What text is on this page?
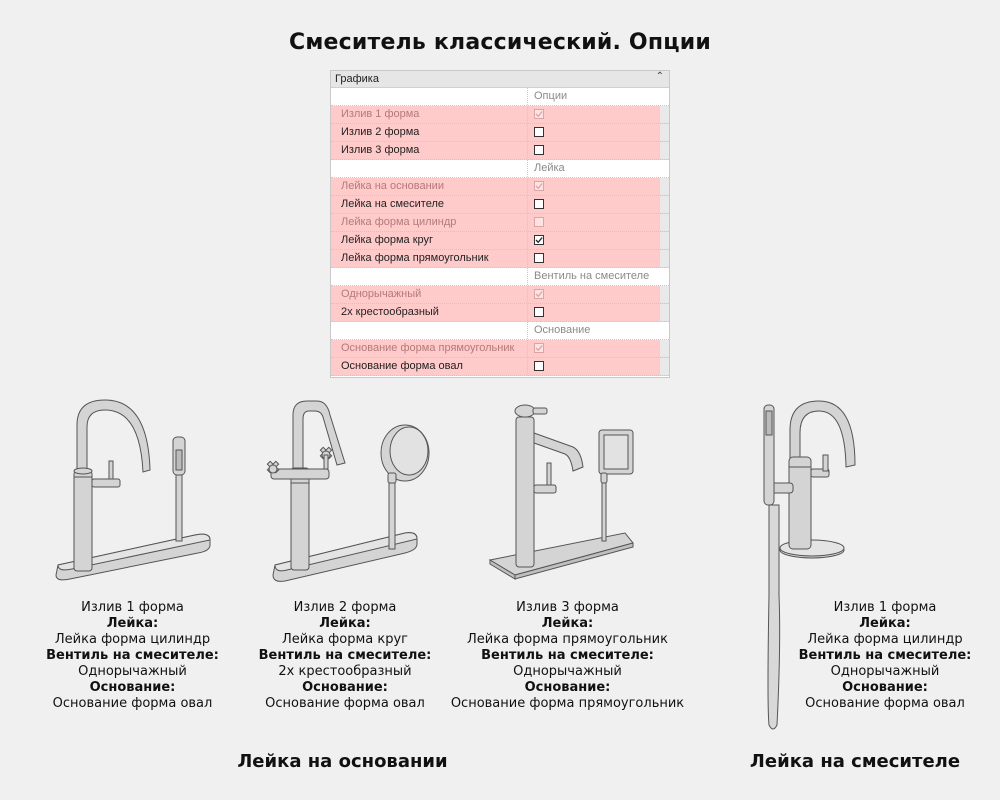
Смеситель классический. Опции
Графика	⌃

Опции
Излив 1 форма
Излив 2 форма
Излив 3 форма
Лейка
Лейка на основании
Лейка на смесителе
Лейка форма цилиндр
Лейка форма круг
Лейка форма прямоугольник
Вентиль на смесителе
Однорычажный
2х крестообразный
Основание
Основание форма прямоугольник
Основание форма овал
Излив 1 форма
Лейка:
Лейка форма цилиндр
Вентиль на смесителе:
Однорычажный
Основание:
Основание форма овал
Излив 2 форма
Лейка:
Лейка форма круг
Вентиль на смесителе:
2х крестообразный
Основание:
Основание форма овал
Излив 3 форма
Лейка:
Лейка форма прямоугольник
Вентиль на смесителе:
Однорычажный
Основание:
Основание форма прямоугольник
Излив 1 форма
Лейка:
Лейка форма цилиндр
Вентиль на смесителе:
Однорычажный
Основание:
Основание форма овал
Лейка на основании	Лейка на смесителе
